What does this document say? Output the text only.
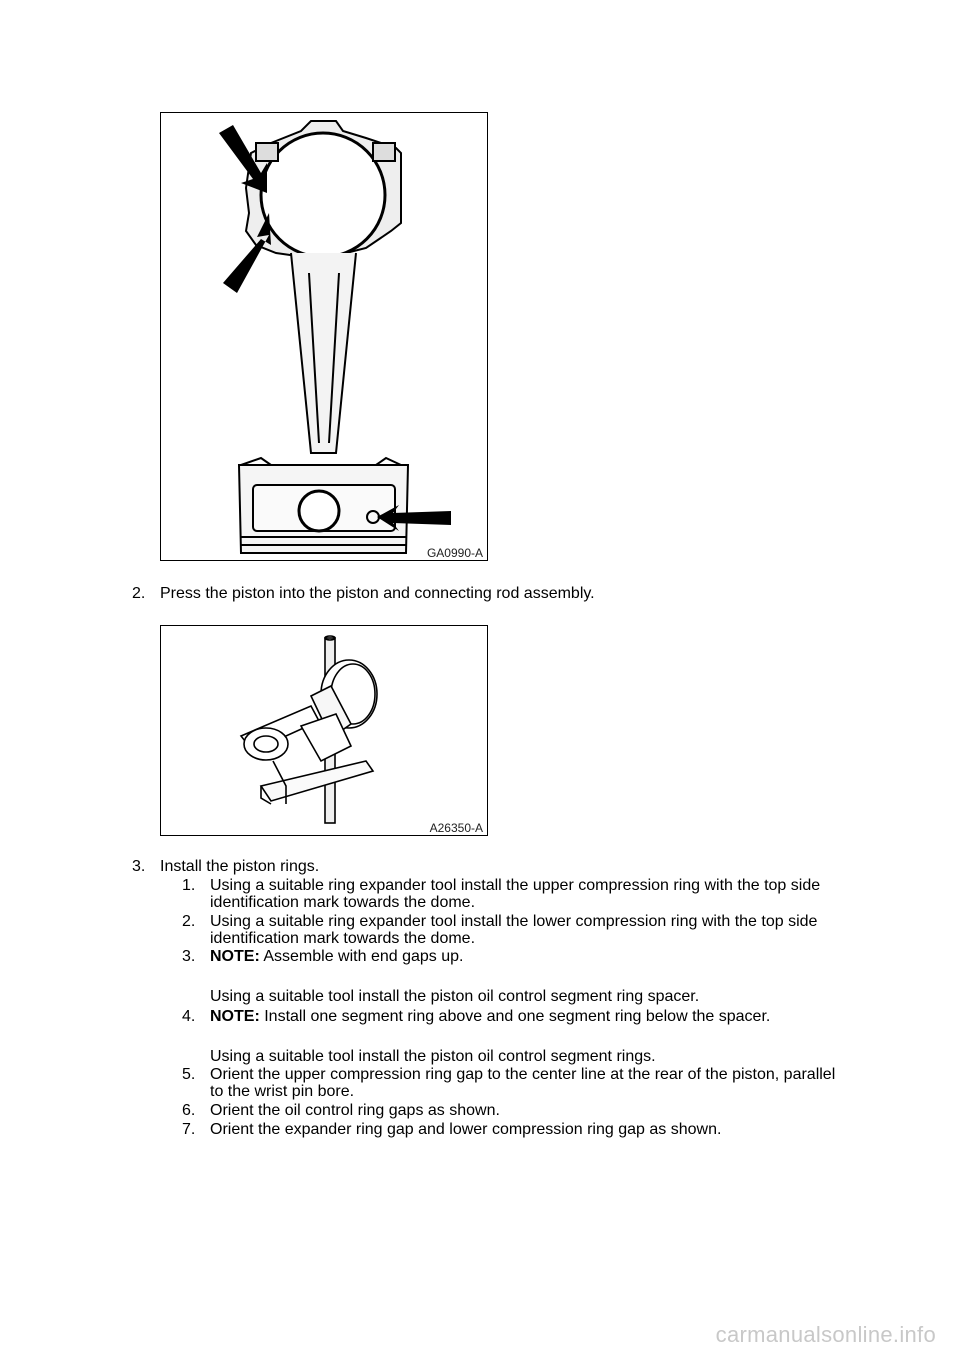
GA0990-A
2. Press the piston into the piston and connecting rod assembly.
A26350-A
3. Install the piston rings.
1. Using a suitable ring expander tool install the upper compression ring with the top side
identification mark towards the dome.
2. Using a suitable ring expander tool install the lower compression ring with the top side
identification mark towards the dome.
3. NOTE: Assemble with end gaps up.
Using a suitable tool install the piston oil control segment ring spacer.
4. NOTE: Install one segment ring above and one segment ring below the spacer.
Using a suitable tool install the piston oil control segment rings.
5. Orient the upper compression ring gap to the center line at the rear of the piston, parallel
to the wrist pin bore.
6. Orient the oil control ring gaps as shown.
7. Orient the expander ring gap and lower compression ring gap as shown.
carmanualsonline.info
